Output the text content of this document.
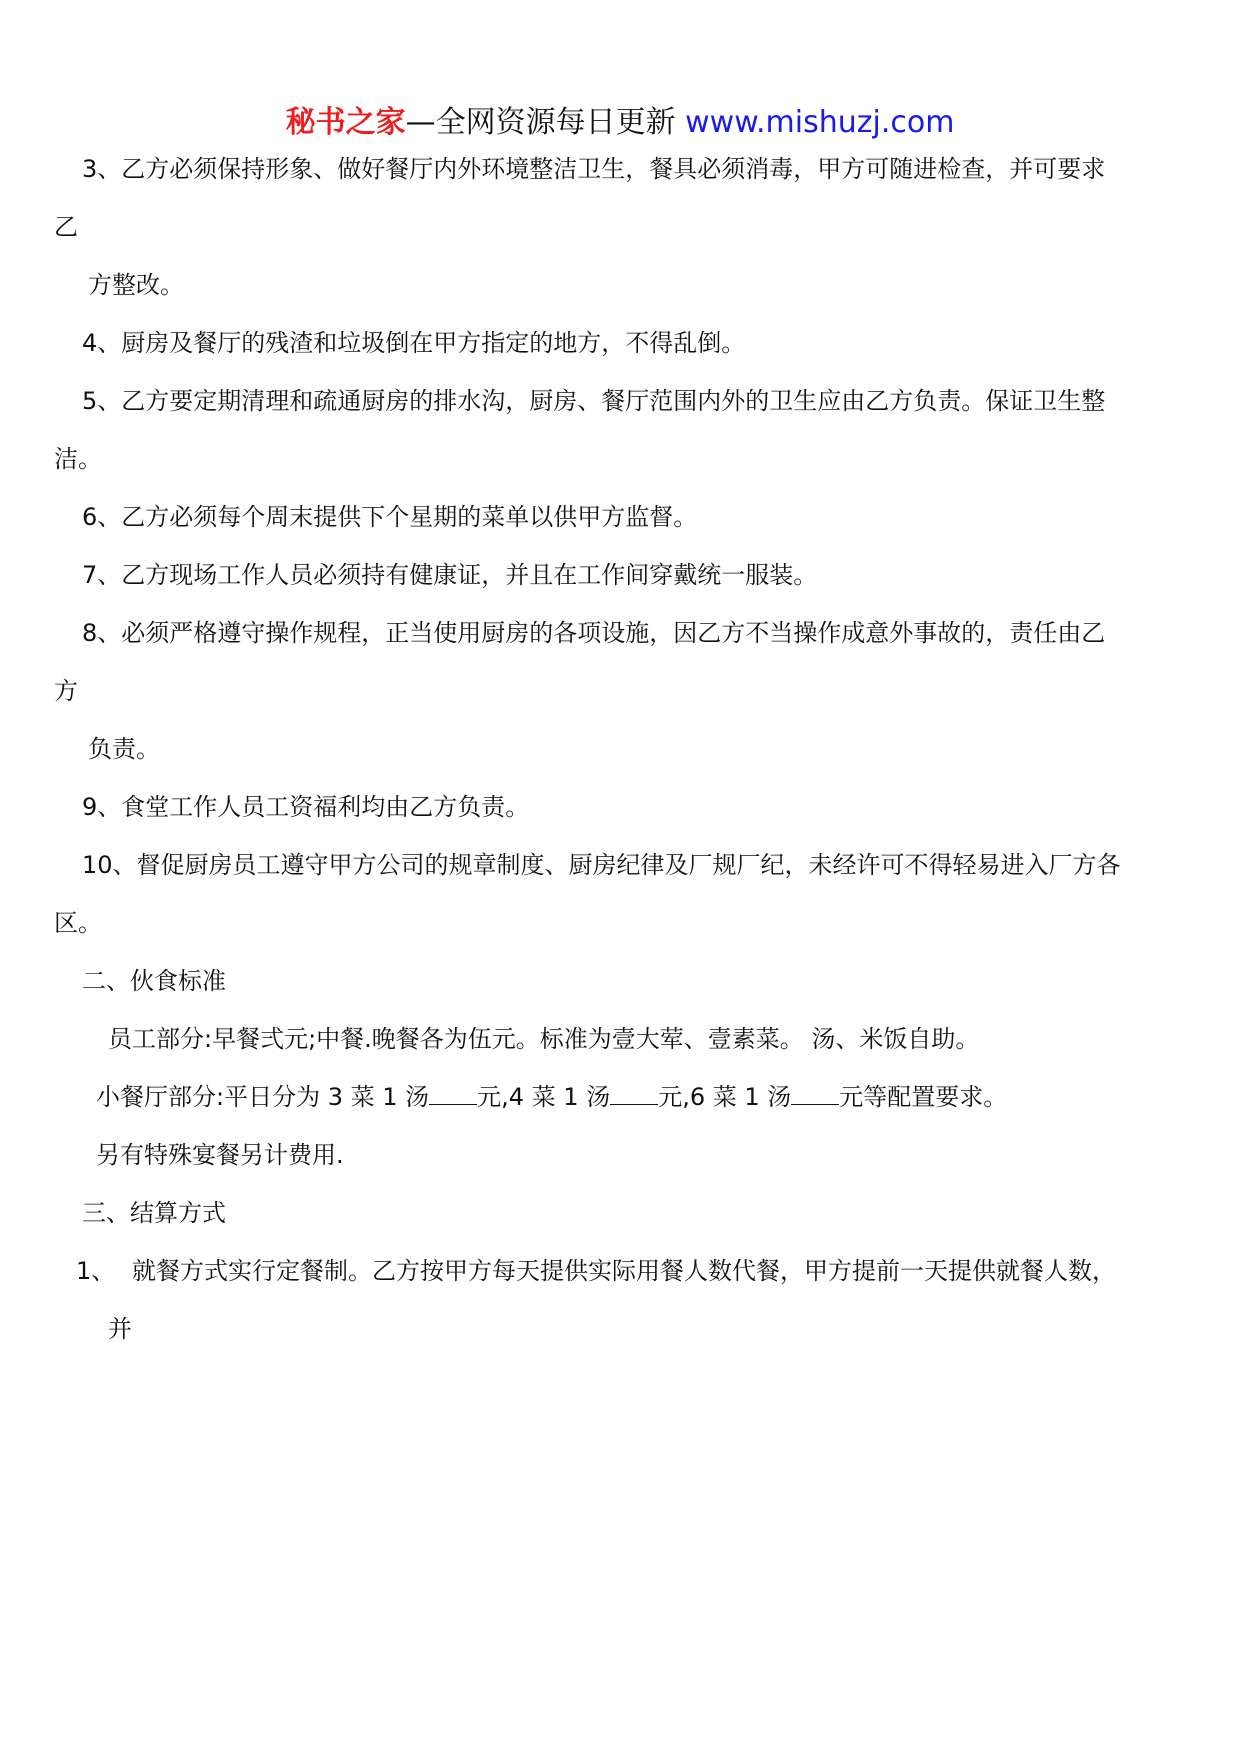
秘书之家—全网资源每日更新 www.mishuzj.com
3、乙方必须保持形象、做好餐厅内外环境整洁卫生，餐具必须消毒，甲方可随进检查，并可要求
乙
方整改。
4、厨房及餐厅的残渣和垃圾倒在甲方指定的地方，不得乱倒。
5、乙方要定期清理和疏通厨房的排水沟，厨房、餐厅范围内外的卫生应由乙方负责。保证卫生整
洁。
6、乙方必须每个周末提供下个星期的菜单以供甲方监督。
7、乙方现场工作人员必须持有健康证，并且在工作间穿戴统一服装。
8、必须严格遵守操作规程，正当使用厨房的各项设施，因乙方不当操作成意外事故的，责任由乙
方
负责。
9、食堂工作人员工资福利均由乙方负责。
10、督促厨房员工遵守甲方公司的规章制度、厨房纪律及厂规厂纪，未经许可不得轻易进入厂方各
区。
二、伙食标准
员工部分:早餐弍元;中餐.晚餐各为伍元。标准为壹大荤、壹素菜。 汤、米饭自助。
小餐厅部分:平日分为 3 菜 1 汤 元,4 菜 1 汤 元,6 菜 1 汤 元等配置要求。
另有特殊宴餐另计费用.
三、结算方式
1、 就餐方式实行定餐制。乙方按甲方每天提供实际用餐人数代餐，甲方提前一天提供就餐人数，
并
